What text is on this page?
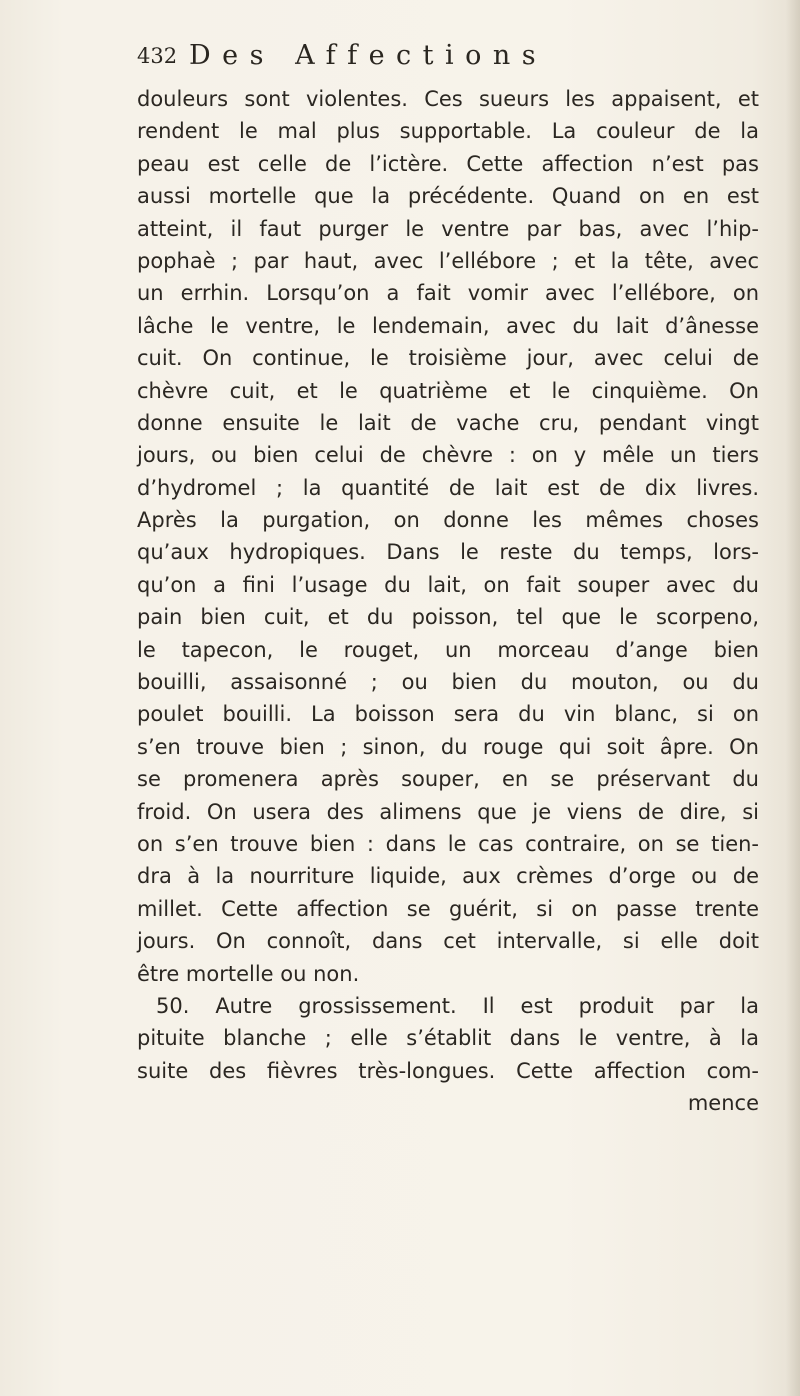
432 Des Affections
douleurs sont violentes. Ces sueurs les appaisent, et
rendent le mal plus supportable. La couleur de la
peau est celle de l’ictère. Cette affection n’est pas
aussi mortelle que la précédente. Quand on en est
atteint, il faut purger le ventre par bas, avec l’hip-
pophaè ; par haut, avec l’ellébore ; et la tête, avec
un errhin. Lorsqu’on a fait vomir avec l’ellébore, on
lâche le ventre, le lendemain, avec du lait d’ânesse
cuit. On continue, le troisième jour, avec celui de
chèvre cuit, et le quatrième et le cinquième. On
donne ensuite le lait de vache cru, pendant vingt
jours, ou bien celui de chèvre : on y mêle un tiers
d’hydromel ; la quantité de lait est de dix livres.
Après la purgation, on donne les mêmes choses
qu’aux hydropiques. Dans le reste du temps, lors-
qu’on a fini l’usage du lait, on fait souper avec du
pain bien cuit, et du poisson, tel que le scorpeno,
le tapecon, le rouget, un morceau d’ange bien
bouilli, assaisonné ; ou bien du mouton, ou du
poulet bouilli. La boisson sera du vin blanc, si on
s’en trouve bien ; sinon, du rouge qui soit âpre. On
se promenera après souper, en se préservant du
froid. On usera des alimens que je viens de dire, si
on s’en trouve bien : dans le cas contraire, on se tien-
dra à la nourriture liquide, aux crèmes d’orge ou de
millet. Cette affection se guérit, si on passe trente
jours. On connoît, dans cet intervalle, si elle doit
être mortelle ou non.
50. Autre grossissement. Il est produit par la
pituite blanche ; elle s’établit dans le ventre, à la
suite des fièvres très-longues. Cette affection com-
mence
